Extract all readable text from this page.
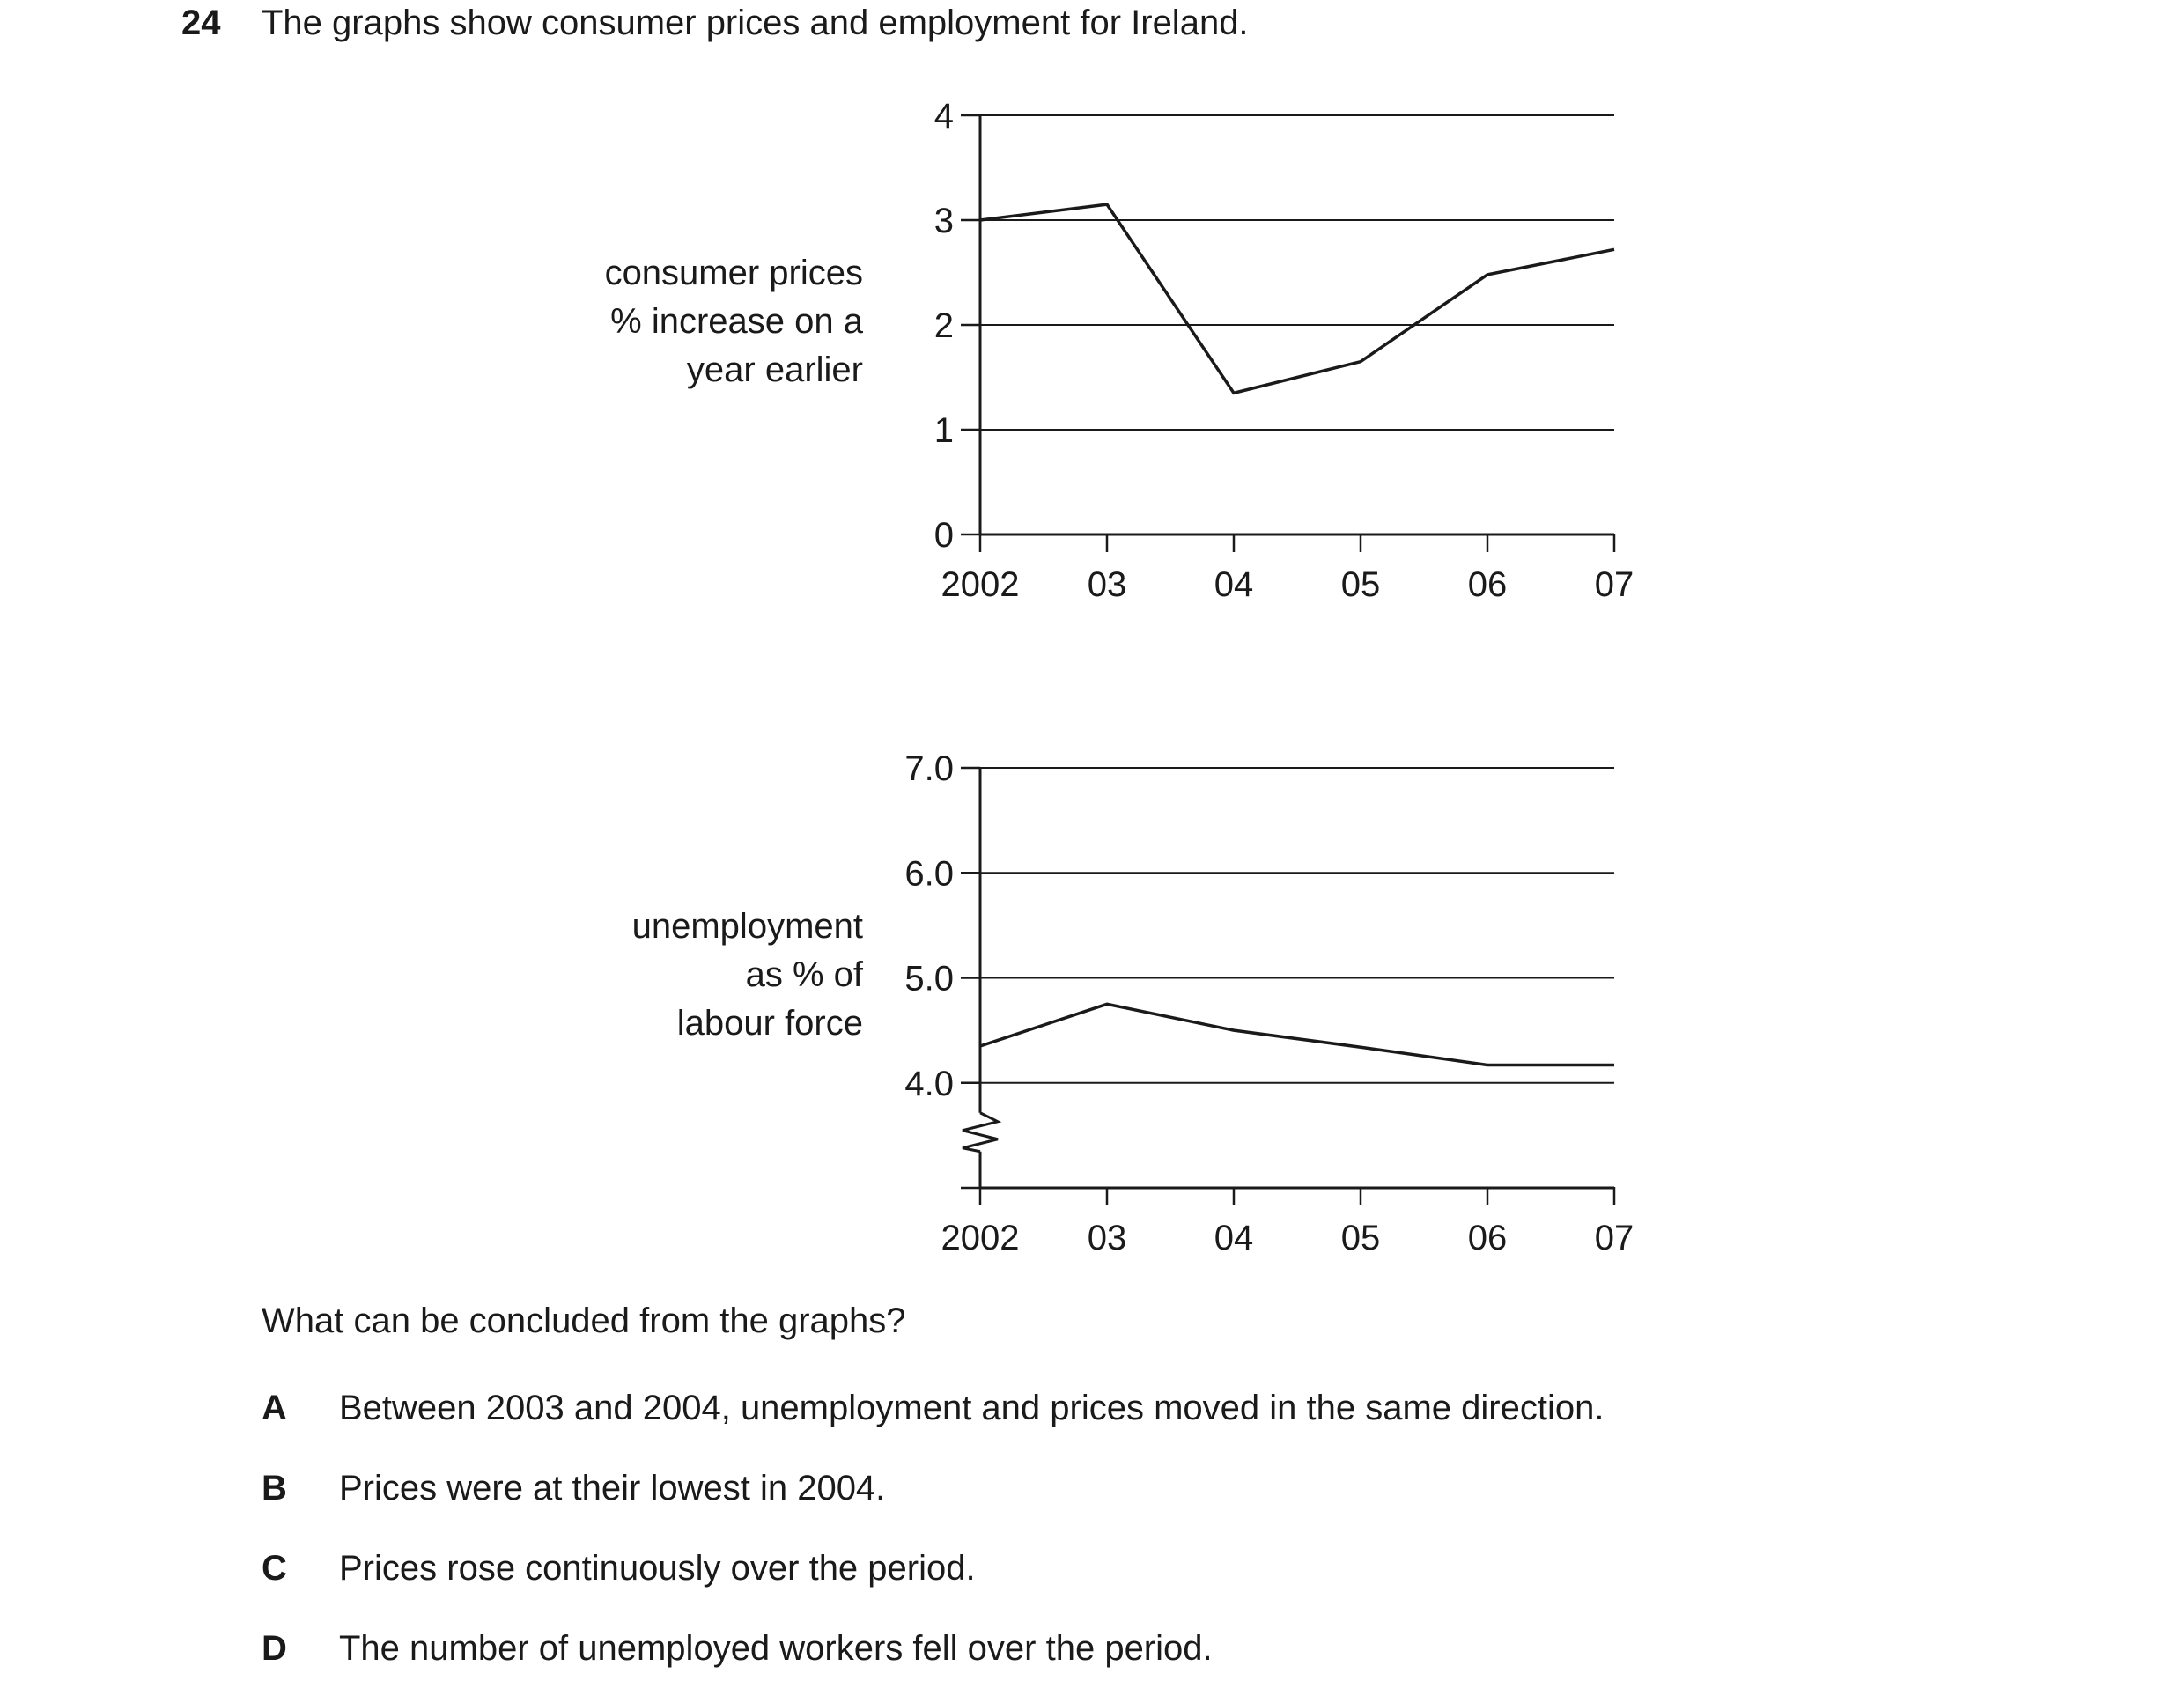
24 The graphs show consumer prices and employment for Ireland.
consumer prices
% increase on a
year earlier
unemployment
as % of
labour force
0
1
2
3
4
2002 03 04 05 06 07
4.0
5.0
6.0
7.0
2002 03 04 05 06 07
What can be concluded from the graphs?
A Between 2003 and 2004, unemployment and prices moved in the same direction.
B Prices were at their lowest in 2004.
C Prices rose continuously over the period.
D The number of unemployed workers fell over the period.
